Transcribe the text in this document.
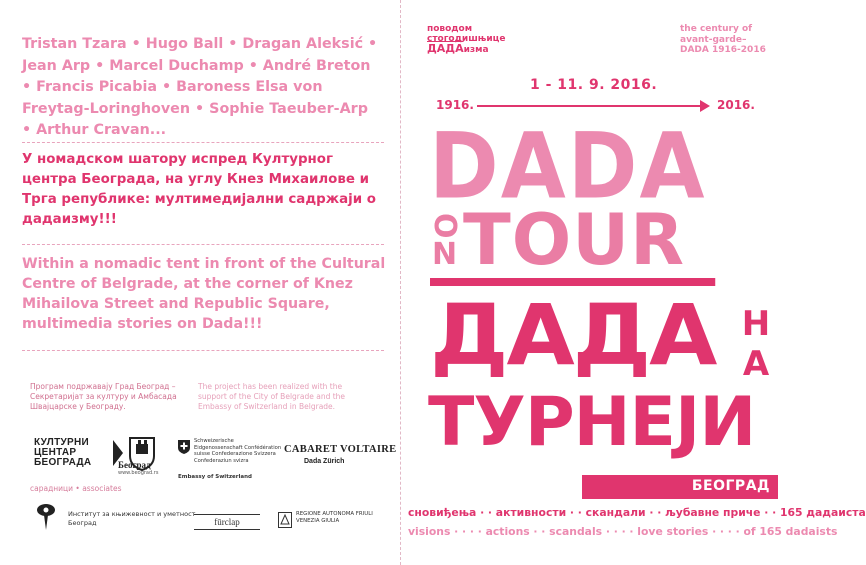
Tristan Tzara • Hugo Ball • Dragan Aleksić • Jean Arp • Marcel Duchamp • André Breton • Francis Picabia • Baroness Elsa von Freytag-Loringhoven • Sophie Taeuber-Arp • Arthur Cravan...
У номадском шатору испред Културног центра Београда, на углу Кнез Михаилове и Трга републике: мултимедијални садржаји о дадаизму!!!
Within a nomadic tent in front of the Cultural Centre of Belgrade, at the corner of Knez Mihailova Street and Republic Square, multimedia stories on Dada!!!
Програм подржавају Град Београд – Секретаријат за културу и Амбасада Швајцарске у Београду.
The project has been realized with the support of the City of Belgrade and the Embassy of Switzerland in Belgrade.
КУЛТУРНИ
ЦЕНТАР
БЕОГРАДА	Београд
www.beograd.rs
Schweizerische Eidgenossenschaft Confédération suisse Confederazione Svizzera Confederaziun svizra
Embassy of Switzerland
CABARET VOLTAIRE
Dada Zürich
сарадници • associates
Институт за књижевност и уметност Београд	fūrclap
REGIONE AUTONOMA FRIULI VENEZIA GIULIA
поводом
стогодишњице
ДАДАизма
the century of
avant-garde–
DADA 1916-2016
1 - 11. 9. 2016.
1916.	2016.
DADA
O
N TOUR
ДАДА Н
А
ТУРНЕЈИ
БЕОГРАД
сновиђења · · активности · · скандали · · љубавне приче · · 165 дадаиста
visions · · · · actions · · scandals · · · · love stories · · · · of 165 dadaists
